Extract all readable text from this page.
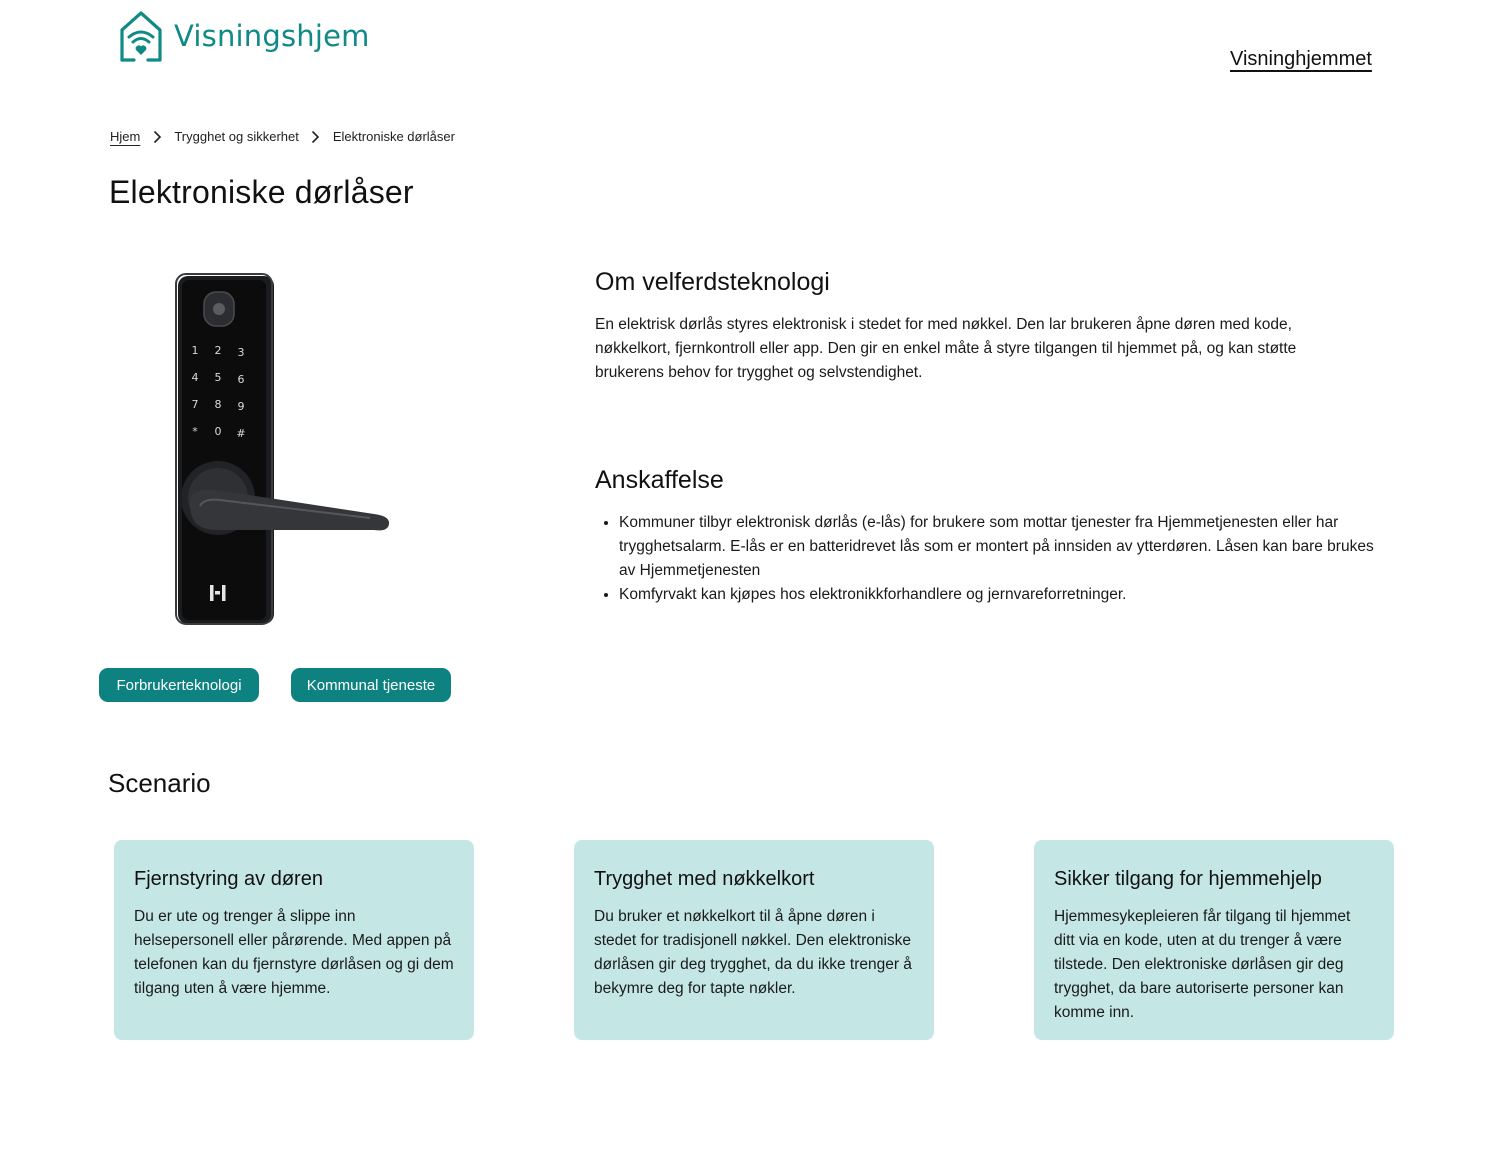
Visningshjem
Visninghjemmet
Hjem	Trygghet og sikkerhet	Elektroniske dørlåser
Elektroniske dørlåser
1 2 3
4 5 6
7 8 9
* 0 #
Forbrukerteknologi	Kommunal tjeneste
Om velferdsteknologi

En elektrisk dørlås styres elektronisk i stedet for med nøkkel. Den lar brukeren åpne døren med kode, nøkkelkort, fjernkontroll eller app. Den gir en enkel måte å styre tilgangen til hjemmet på, og kan støtte brukerens behov for trygghet og selvstendighet.

Anskaffelse
• Kommuner tilbyr elektronisk dørlås (e-lås) for brukere som mottar tjenester fra Hjemmetjenesten eller har trygghetsalarm. E-lås er en batteridrevet lås som er montert på innsiden av ytterdøren. Låsen kan bare brukes av Hjemmetjenesten
• Komfyrvakt kan kjøpes hos elektronikkforhandlere og jernvareforretninger.
Scenario
Fjernstyring av døren

Du er ute og trenger å slippe inn helsepersonell eller pårørende. Med appen på telefonen kan du fjernstyre dørlåsen og gi dem tilgang uten å være hjemme.

Trygghet med nøkkelkort

Du bruker et nøkkelkort til å åpne døren i stedet for tradisjonell nøkkel. Den elektroniske dørlåsen gir deg trygghet, da du ikke trenger å bekymre deg for tapte nøkler.

Sikker tilgang for hjemmehjelp

Hjemmesykepleieren får tilgang til hjemmet ditt via en kode, uten at du trenger å være tilstede. Den elektroniske dørlåsen gir deg trygghet, da bare autoriserte personer kan komme inn.
